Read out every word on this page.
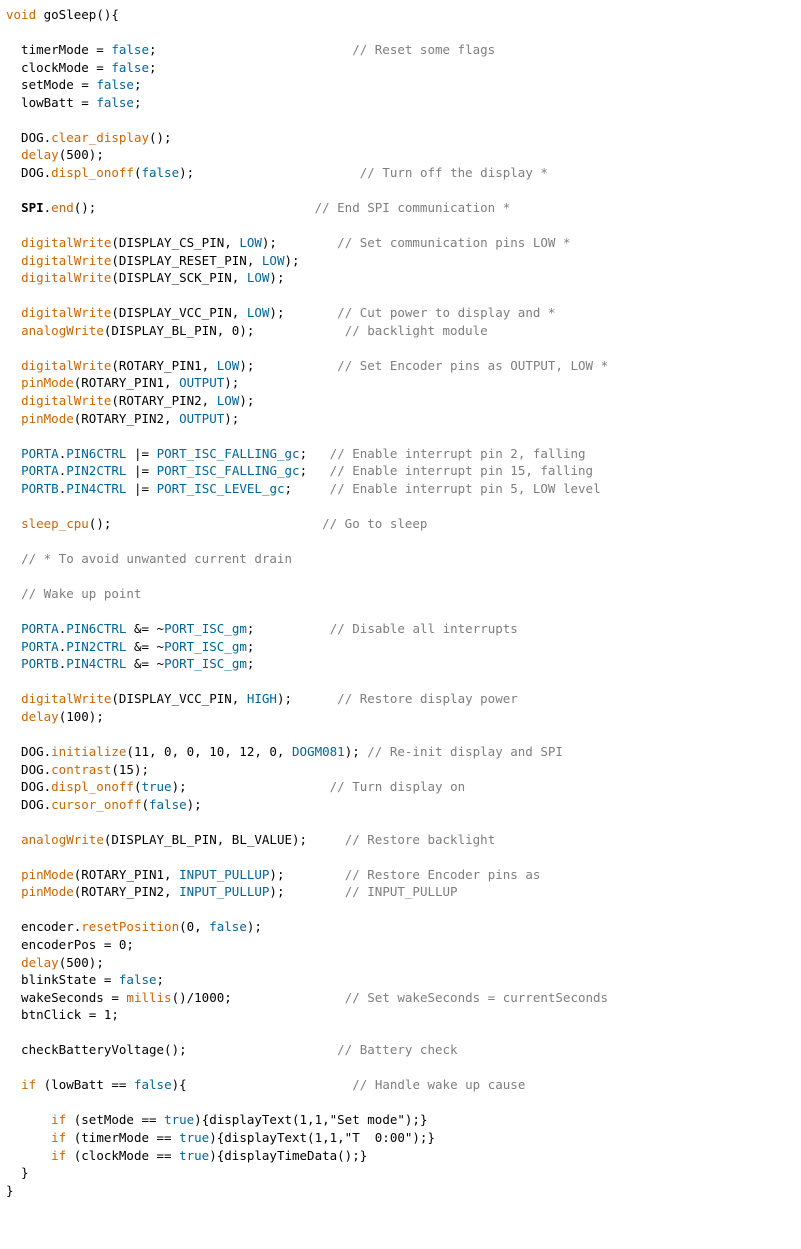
void goSleep(){

timerMode = false;	// Reset some flags
clockMode = false;
setMode = false;
lowBatt = false;

DOG.clear_display();
delay(500);
DOG.displ_onoff(false);	// Turn off the display *

SPI.end();	// End SPI communication *

digitalWrite(DISPLAY_CS_PIN, LOW);	// Set communication pins LOW *
digitalWrite(DISPLAY_RESET_PIN, LOW);
digitalWrite(DISPLAY_SCK_PIN, LOW);

digitalWrite(DISPLAY_VCC_PIN, LOW);	// Cut power to display and *
analogWrite(DISPLAY_BL_PIN, 0);	// backlight module

digitalWrite(ROTARY_PIN1, LOW);	// Set Encoder pins as OUTPUT, LOW *
pinMode(ROTARY_PIN1, OUTPUT);
digitalWrite(ROTARY_PIN2, LOW);
pinMode(ROTARY_PIN2, OUTPUT);

PORTA.PIN6CTRL |= PORT_ISC_FALLING_gc; // Enable interrupt pin 2, falling
PORTA.PIN2CTRL |= PORT_ISC_FALLING_gc; // Enable interrupt pin 15, falling
PORTB.PIN4CTRL |= PORT_ISC_LEVEL_gc;	// Enable interrupt pin 5, LOW level

sleep_cpu();	// Go to sleep

// * To avoid unwanted current drain

// Wake up point

PORTA.PIN6CTRL &= ~PORT_ISC_gm;	// Disable all interrupts
PORTA.PIN2CTRL &= ~PORT_ISC_gm;
PORTB.PIN4CTRL &= ~PORT_ISC_gm;

digitalWrite(DISPLAY_VCC_PIN, HIGH);	// Restore display power
delay(100);

DOG.initialize(11, 0, 0, 10, 12, 0, DOGM081); // Re-init display and SPI
DOG.contrast(15);
DOG.displ_onoff(true);	// Turn display on
DOG.cursor_onoff(false);

analogWrite(DISPLAY_BL_PIN, BL_VALUE);	// Restore backlight

pinMode(ROTARY_PIN1, INPUT_PULLUP);	// Restore Encoder pins as
pinMode(ROTARY_PIN2, INPUT_PULLUP);	// INPUT_PULLUP

encoder.resetPosition(0, false);
encoderPos = 0;
delay(500);
blinkState = false;
wakeSeconds = millis()/1000;	// Set wakeSeconds = currentSeconds
btnClick = 1;

checkBatteryVoltage();	// Battery check

if (lowBatt == false){	// Handle wake up cause

if (setMode == true){displayText(1,1,"Set mode");}
if (timerMode == true){displayText(1,1,"T  0:00");}
if (clockMode == true){displayTimeData();}
}
}
